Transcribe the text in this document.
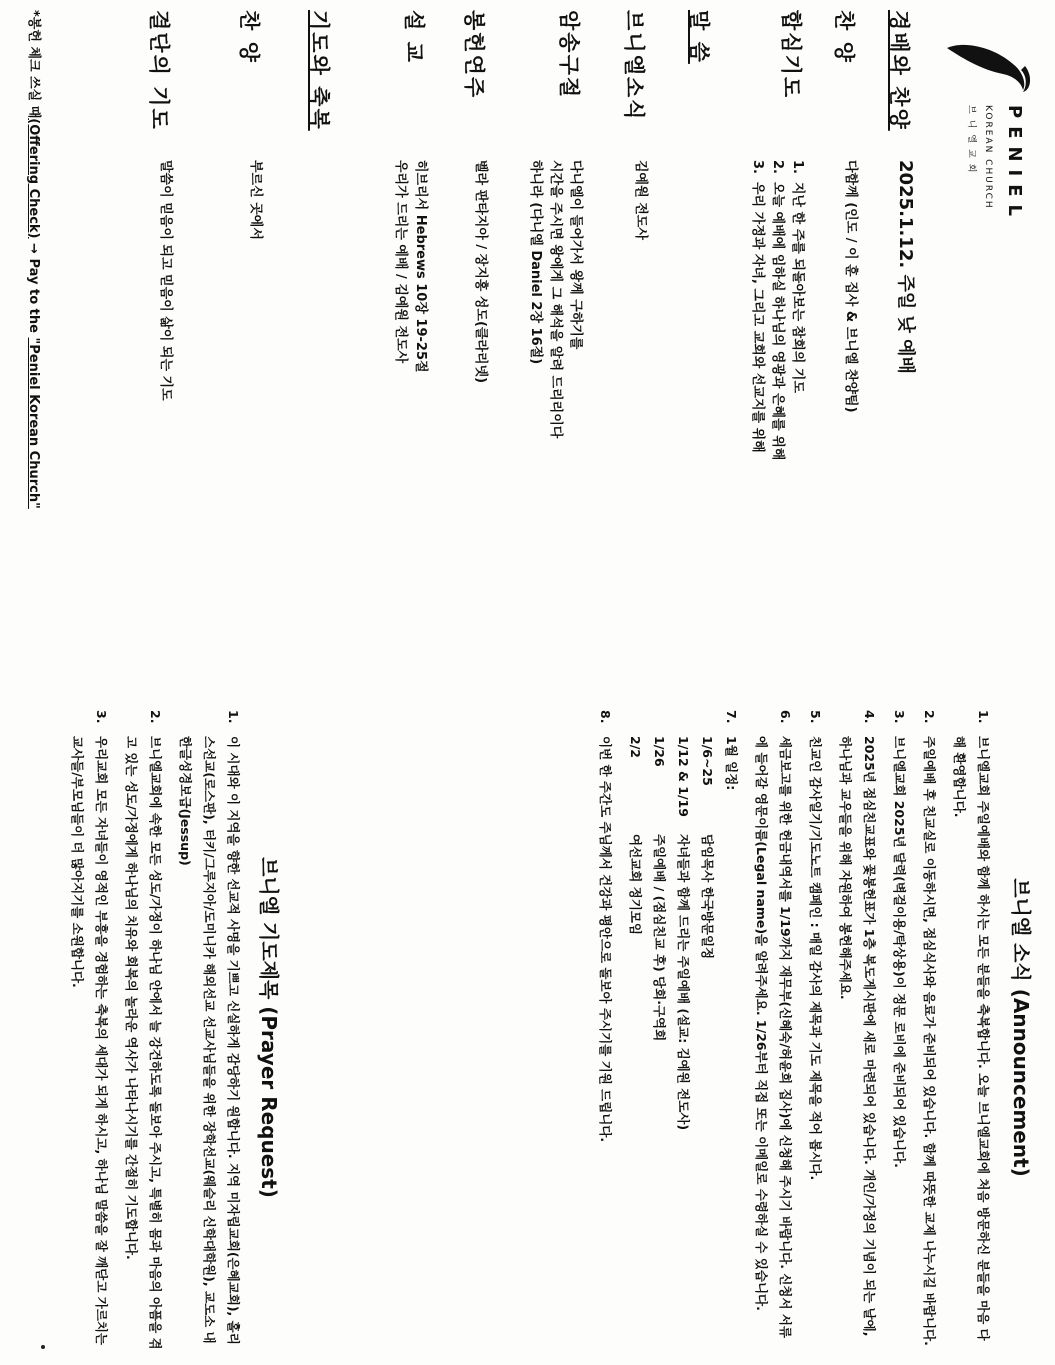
PENIEL
KOREAN CHURCH
브니엘교회
경배와 찬양
2025.1.12. 주일 낮 예배
찬 양
다함께 (인도 / 이 훈 집사 & 브니엘 찬양팀)
합심기도
1.
지난 한 주를 되돌아보는 참회의 기도
2.
오늘 예배에 임하실 하나님의 영광과 은혜를 위해
3.
우리 가정과 자녀, 그리고 교회와 선교지를 위해
말 씀
브니엘소식
김예원 전도사
암송구절
다니엘이 들어가서 왕께 구하기를
시간을 주시면 왕에게 그 해석을 알려 드리리이다
하니라 (다니엘 Daniel 2장 16절)
봉헌연주
벨라 판타지아 / 장지홍 성도(클라리넷)
설 교
히브리서 Hebrews 10장 19-25절
우리가 드리는 예배 / 김예원 전도사
기도와 축복
찬 양
부르신 곳에서
결단의 기도
말씀이 믿음이 되고 믿음이 삶이 되는 기도
*봉헌 체크 쓰실 때(Offering Check) → Pay to the "Peniel Korean Church"
브니엘 소식 (Announcement)
1.
브니엘교회 주일예배와 함께 하시는 모든 분들을 축복합니다. 오늘 브니엘교회에 처음 방문하신 분들을 마음 다해 환영합니다.
2.
주일예배 후 친교실로 이동하시면, 점심식사와 음료가 준비되어 있습니다. 함께 따뜻한 교제 나누시길 바랍니다.
3.
브니엘교회 2025년 달력(벽걸이용/탁상용)이 정문 로비에 준비되어 있습니다.
4.
2025년 점심친교표와 꽃봉헌표가 1층 복도게시판에 새로 마련되어 있습니다. 개인/가정의 기념이 되는 날에, 하나님과 교우들을 위해 자원하여 봉헌해주세요.
5.
친교인 감사일기/기도노트 캠페인 : 매일 감사의 제목과 기도 제목을 적어 봅시다.
6.
세금보고를 위한 헌금내역서를 1/19까지 재무부(신혜숙/허윤희 집사)에 신청해 주시기 바랍니다. 신청서 서류에 들어갈 영문이름(Legal name)을 알려주세요. 1/26부터 직접 또는 이메일로 수령하실 수 있습니다.
7.
1월 일정:
1/6~25
담임목사 한국방문일정
1/12 & 1/19
자녀들과 함께 드리는 주일예배 (설교: 김예원 전도사)
1/26
주일예배 / (점심친교 후) 당회·구역회
2/2
여선교회 정기모임
8.
이번 한 주간도 주님께서 건강과 평안으로 돌보아 주시기를 기원 드립니다.
브니엘 기도제목 (Prayer Request)
1.
이 시대와 이 지역을 향한 선교적 사명을 기쁘고 신실하게 감당하기 원합니다. 지역 미자립교회(은혜교회), 홀리스선교(로스판), 터키/그루지아/도미니카 해외선교 선교사님들을 위한 장학선교(웨슬리 신학대학원), 교도소 내 한글성경보급(Jessup)
2.
브니엘교회에 속한 모든 성도/가정이 하나님 안에서 늘 강건하도록 돌보아 주시고, 특별히 몸과 마음의 아픔을 겪고 있는 성도/가정에게 하나님의 치유와 회복의 놀라운 역사가 나타나시기를 간절히 기도합니다.
3.
우리교회 모든 자녀들이 영적인 부흥을 경험하는 축복의 세대가 되게 하시고, 하나님 말씀을 잘 깨닫고 가르치는 교사들/부모님들이 더 많아지기를 소원합니다.
